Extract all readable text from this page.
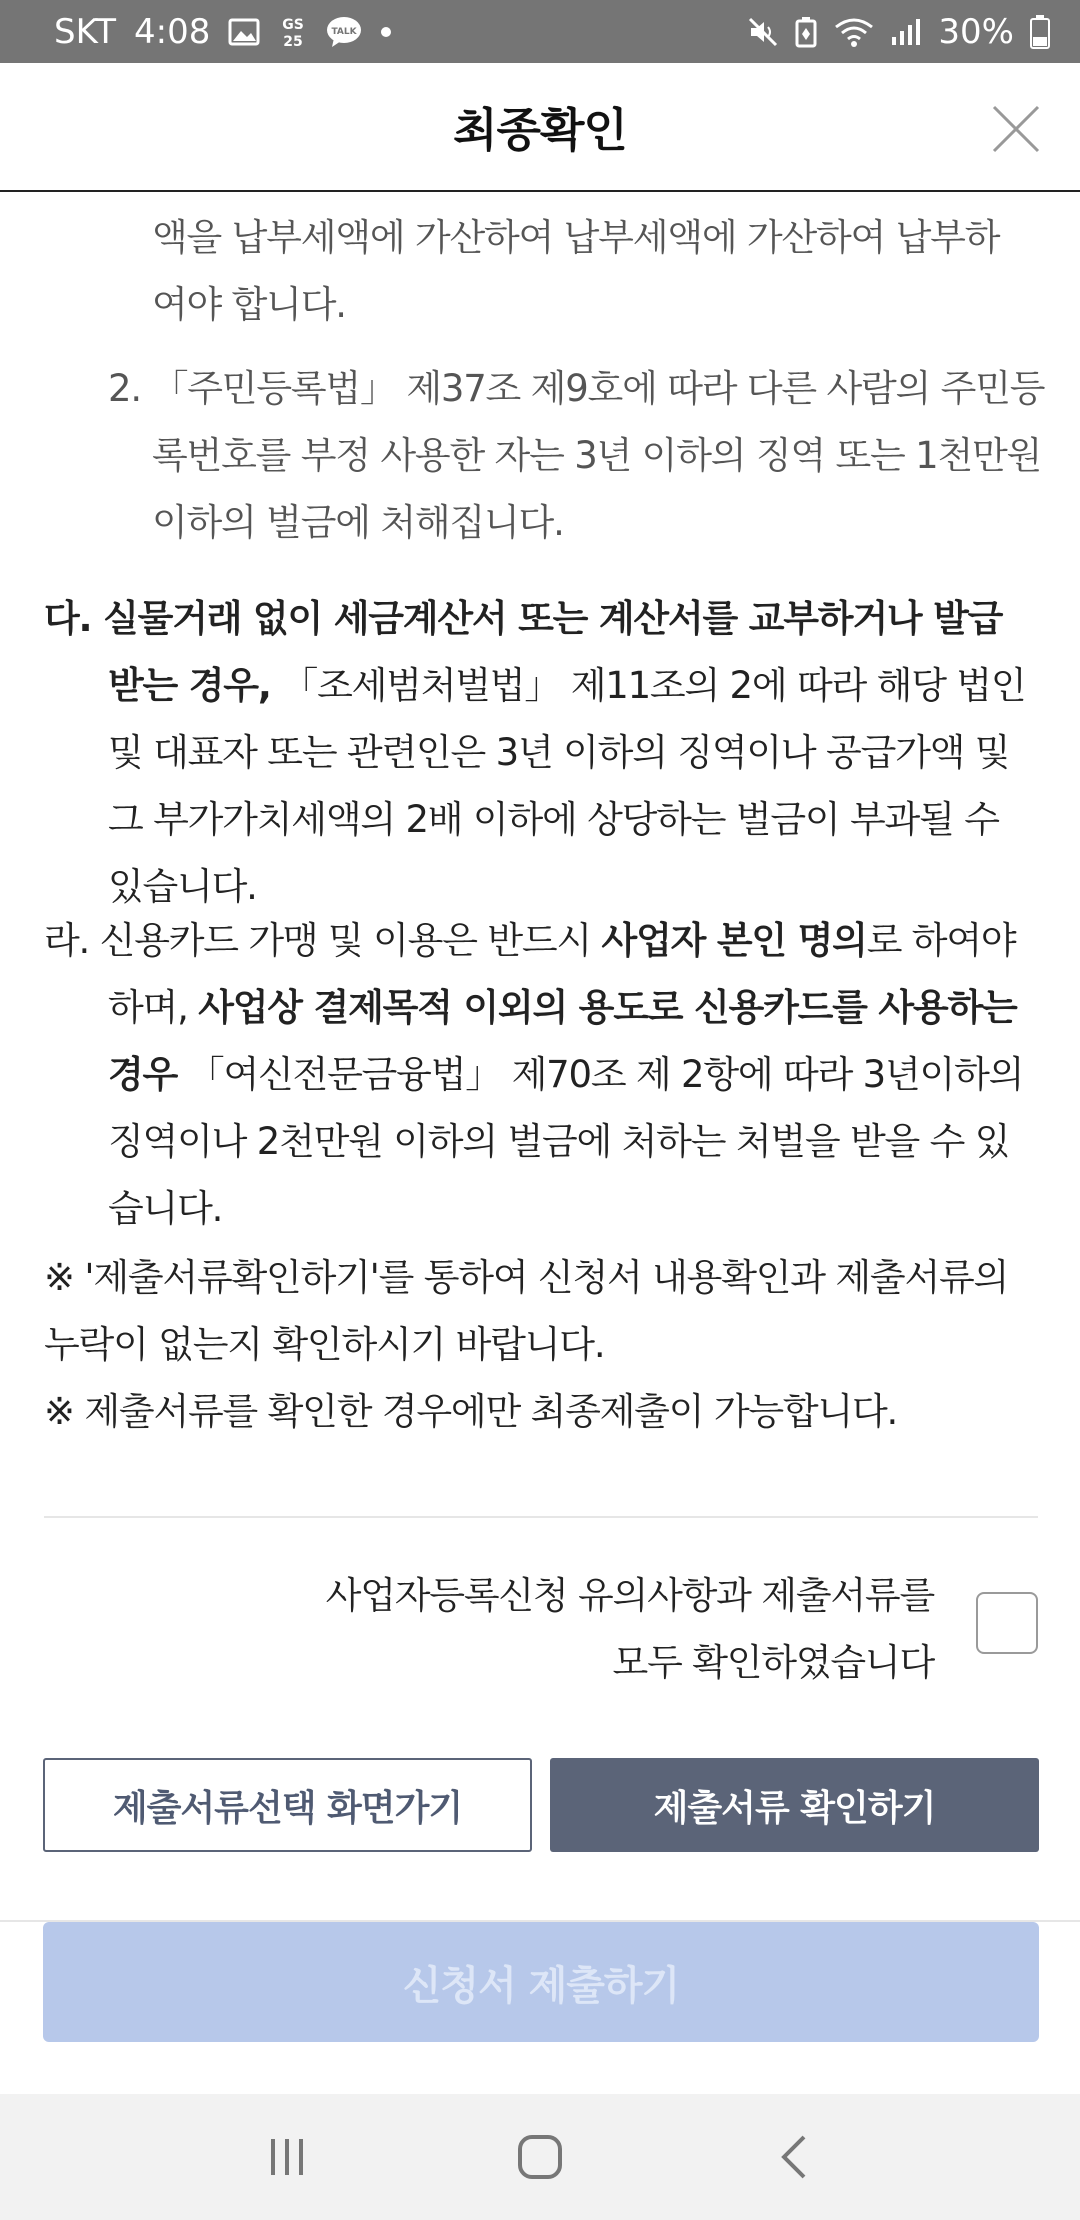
SKT 4:08	GS
25
TALK	30%
최종확인
액을 납부세액에 가산하여 납부세액에 가산하여 납부하여야 합니다.
2. 「주민등록법」 제37조 제9호에 따라 다른 사람의 주민등록번호를 부정 사용한 자는 3년 이하의 징역 또는 1천만원 이하의 벌금에 처해집니다.
다. 실물거래 없이 세금계산서 또는 계산서를 교부하거나 발급받는 경우, 「조세범처벌법」 제11조의 2에 따라 해당 법인 및 대표자 또는 관련인은 3년 이하의 징역이나 공급가액 및 그 부가가치세액의 2배 이하에 상당하는 벌금이 부과될 수 있습니다.
라. 신용카드 가맹 및 이용은 반드시 사업자 본인 명의로 하여야 하며, 사업상 결제목적 이외의 용도로 신용카드를 사용하는 경우 「여신전문금융법」 제70조 제 2항에 따라 3년이하의 징역이나 2천만원 이하의 벌금에 처하는 처벌을 받을 수 있습니다.
※ '제출서류확인하기'를 통하여 신청서 내용확인과 제출서류의 누락이 없는지 확인하시기 바랍니다.
※ 제출서류를 확인한 경우에만 최종제출이 가능합니다.
사업자등록신청 유의사항과 제출서류를
모두 확인하였습니다
제출서류선택 화면가기	제출서류 확인하기
신청서 제출하기
